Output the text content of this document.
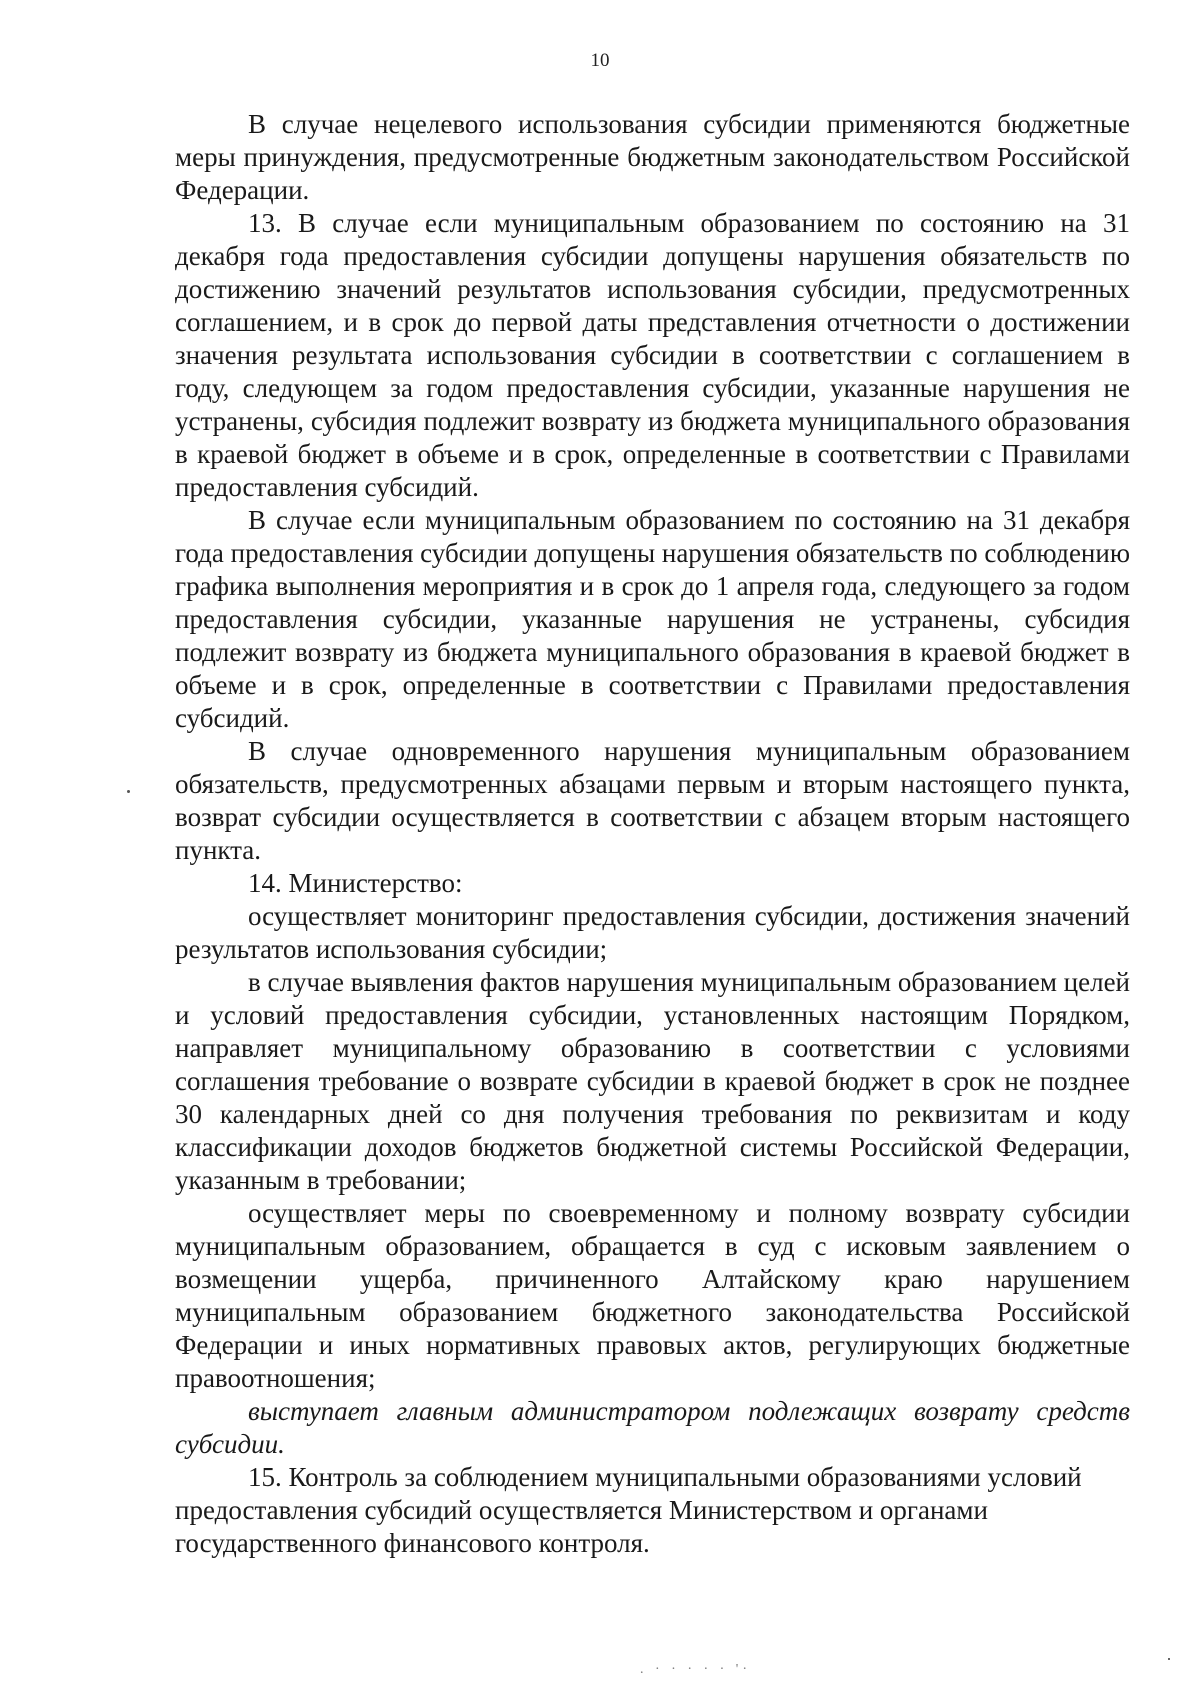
10

В случае нецелевого использования субсидии применяются бюджетные меры принуждения, предусмотренные бюджетным законодательством Российской Федерации.

13. В случае если муниципальным образованием по состоянию на 31 декабря года предоставления субсидии допущены нарушения обязательств по достижению значений результатов использования субсидии, предусмотренных соглашением, и в срок до первой даты представления отчетности о достижении значения результата использования субсидии в соответствии с соглашением в году, следующем за годом предоставления субсидии, указанные нарушения не устранены, субсидия подлежит возврату из бюджета муниципального образования в краевой бюджет в объеме и в срок, определенные в соответствии с Правилами предоставления субсидий.

В случае если муниципальным образованием по состоянию на 31 декабря года предоставления субсидии допущены нарушения обязательств по соблюдению графика выполнения мероприятия и в срок до 1 апреля года, следующего за годом предоставления субсидии, указанные нарушения не устранены, субсидия подлежит возврату из бюджета муниципального образования в краевой бюджет в объеме и в срок, определенные в соответствии с Правилами предоставления субсидий.

В случае одновременного нарушения муниципальным образованием обязательств, предусмотренных абзацами первым и вторым настоящего пункта, возврат субсидии осуществляется в соответствии с абзацем вторым настоящего пункта.

14. Министерство:

осуществляет мониторинг предоставления субсидии, достижения значений результатов использования субсидии;

в случае выявления фактов нарушения муниципальным образованием целей и условий предоставления субсидии, установленных настоящим Порядком, направляет муниципальному образованию в соответствии с условиями соглашения требование о возврате субсидии в краевой бюджет в срок не позднее 30 календарных дней со дня получения требования по реквизитам и коду классификации доходов бюджетов бюджетной системы Российской Федерации, указанным в требовании;

осуществляет меры по своевременному и полному возврату субсидии муниципальным образованием, обращается в суд с исковым заявлением о возмещении ущерба, причиненного Алтайскому краю нарушением муниципальным образованием бюджетного законодательства Российской Федерации и иных нормативных правовых актов, регулирующих бюджетные правоотношения;

выступает главным администратором подлежащих возврату средств субсидии.

15. Контроль за соблюдением муниципальными образованиями условий предоставления субсидий осуществляется Министерством и органами государственного финансового контроля.

. · · · · · '·
